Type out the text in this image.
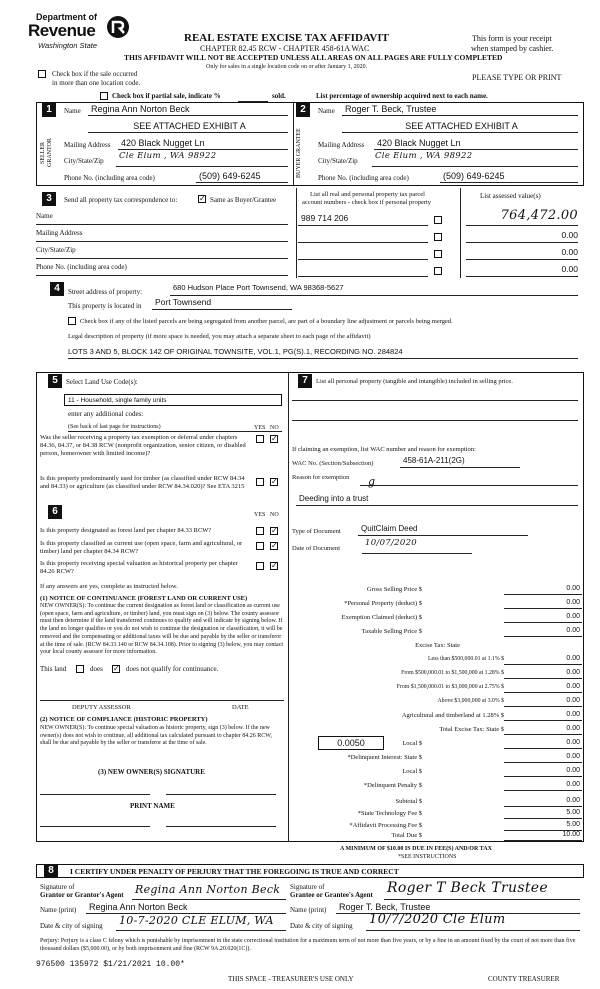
Department of
Revenue
Washington State
REAL ESTATE EXCISE TAX AFFIDAVIT
CHAPTER 82.45 RCW - CHAPTER 458-61A WAC
THIS AFFIDAVIT WILL NOT BE ACCEPTED UNLESS ALL AREAS ON ALL PAGES ARE FULLY COMPLETED
Only for sales in a single location code on or after January 1, 2020.
This form is your receipt
when stamped by cashier.
PLEASE TYPE OR PRINT
Check box if the sale occurred
in more than one location code.
Check box if partial sale, indicate %	sold.	List percentage of ownership acquired next to each name.
1
SELLER GRANTOR
Name	Regina Ann Norton Beck
SEE ATTACHED EXHIBIT A
Mailing Address	420 Black Nugget Ln
City/State/Zip	Cle Elum , WA 98922
Phone No. (including area code)	(509) 649-6245
2
BUYER GRANTEE
Name	Roger T. Beck, Trustee
SEE ATTACHED EXHIBIT A
Mailing Address	420 Black Nugget Ln
City/State/Zip	Cle Elum , WA 98922
Phone No. (including area code)	(509) 649-6245
3	Send all property tax correspondence to:	✓ Same as Buyer/Grantee
Name
Mailing Address
City/State/Zip
Phone No. (including area code)
List all real and personal property tax parcel
account numbers - check box if personal property
List assessed value(s)
989 714 206	764,472.00
0.00
0.00
0.00
4	Street address of property:	680 Hudson Place Port Townsend, WA 98368-5627
This property is located in	Port Townsend
Check box if any of the listed parcels are being segregated from another parcel, are part of a boundary line adjustment or parcels being merged.
Legal description of property (if more space is needed, you may attach a separate sheet to each page of the affidavit)
LOTS 3 AND 5, BLOCK 142 OF ORIGINAL TOWNSITE, VOL.1, PG(S).1, RECORDING NO. 284824
5	Select Land Use Code(s):
11 - Household, single family units
enter any additional codes:
(See back of last page for instructions)	YES NO
Was the seller receiving a property tax exemption or deferral under chapters 84.36, 84.37, or 84.38 RCW (nonprofit organization, senior citizen, or disabled person, homeowner with limited income)?
✓
Is this property predominantly used for timber (as classified under RCW 84.34 and 84.33) or agriculture (as classified under RCW 84.34.020)? See ETA 3215
✓
6	YES NO
Is this property designated as forest land per chapter 84.33 RCW?	✓
Is this property classified as current use (open space, farm and agricultural, or timber) land per chapter 84.34 RCW?
✓
Is this property receiving special valuation as historical property per chapter 84.26 RCW?
✓
If any answers are yes, complete as instructed below.
(1) NOTICE OF CONTINUANCE (FOREST LAND OR CURRENT USE)
NEW OWNER(S): To continue the current designation as forest land or classification as current use (open space, farm and agriculture, or timber) land, you must sign on (3) below. The county assessor must then determine if the land transferred continues to qualify and will indicate by signing below. If the land no longer qualifies or you do not wish to continue the designation or classification, it will be removed and the compensating or additional taxes will be due and payable by the seller or transferor at the time of sale. (RCW 84.33.140 or RCW 84.34.108). Prior to signing (3) below, you may contact your local county assessor for more information.
This land	does ✓ does not qualify for continuance.
DEPUTY ASSESSOR	DATE
(2) NOTICE OF COMPLIANCE (HISTORIC PROPERTY)
NEW OWNER(S): To continue special valuation as historic property, sign (3) below. If the new owner(s) does not wish to continue, all additional tax calculated pursuant to chapter 84.26 RCW, shall be due and payable by the seller or transferor at the time of sale.
(3) NEW OWNER(S) SIGNATURE
PRINT NAME
7	List all personal property (tangible and intangible) included in selling price.
If claiming an exemption, list WAC number and reason for exemption:
WAC No. (Section/Subsection)	458-61A-211(2G)
Reason for exemption g
Deeding into a trust
Type of Document	QuitClaim Deed
Date of Document
10/07/2020
Gross Selling Price $	0.00
*Personal Property (deduct) $	0.00
Exemption Claimed (deduct) $	0.00
Taxable Selling Price $	0.00
Excise Tax: State
Less than $500,000.01 at 1.1% $	0.00
From $500,000.01 to $1,500,000 at 1.28% $	0.00
From $1,500,000.01 to $3,000,000 at 2.75% $	0.00
Above $3,000,000 at 3.0% $	0.00
Agricultural and timberland at 1.28% $	0.00
Total Excise Tax: State $	0.00
0.0050	Local $	0.00
*Delinquent Interest: State $	0.00
Local $	0.00
*Delinquent Penalty $	0.00
Subtotal $	0.00
*State Technology Fee $	5.00
*Affidavit Processing Fee $	5.00
Total Due $	10.00
A MINIMUM OF $10.00 IS DUE IN FEE(S) AND/OR TAX
*SEE INSTRUCTIONS
8	I CERTIFY UNDER PENALTY OF PERJURY THAT THE FOREGOING IS TRUE AND CORRECT
Signature of
Grantor or Grantor's Agent Regina Ann Norton Beck	Signature of
Grantee or Grantee's Agent Roger T Beck Trustee
Name (print)	Regina Ann Norton Beck	Name (print)	Roger T. Beck, Trustee
Date & city of signing 10-7-2020 CLE ELUM, WA	Date & city of signing 10/7/2020 Cle Elum
Perjury: Perjury is a class C felony which is punishable by imprisonment in the state correctional institution for a maximum term of not more than five years, or by a fine in an amount fixed by the court of not more than five thousand dollars ($5,000.00), or by both imprisonment and fine (RCW 9A.20.020(1C)).
976500 135972 $1/21/2021 10.00*
THIS SPACE - TREASURER'S USE ONLY	COUNTY TREASURER
